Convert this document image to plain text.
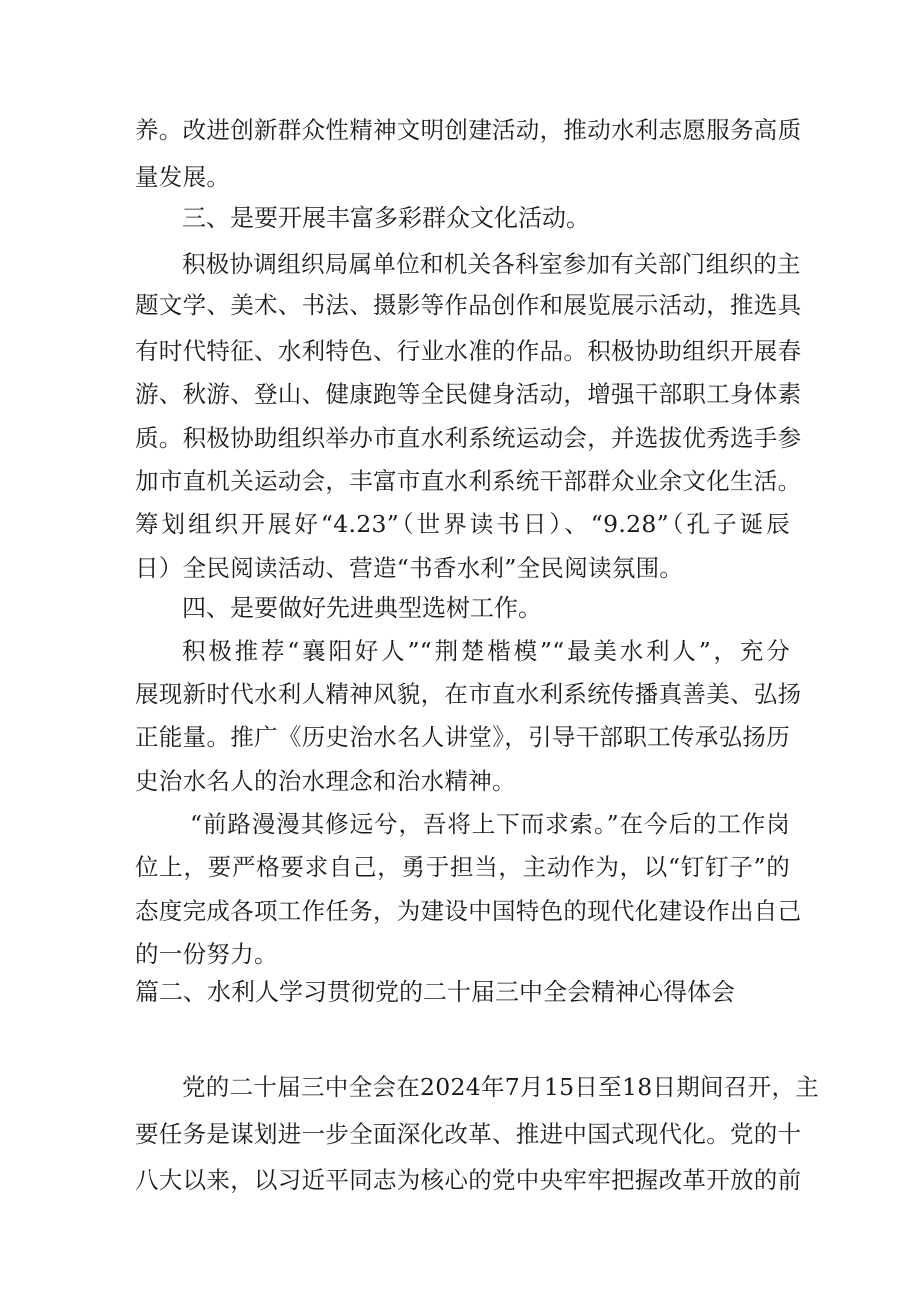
养。改进创新群众性精神文明创建活动，推动水利志愿服务高质
量发展。
三、是要开展丰富多彩群众文化活动。
积极协调组织局属单位和机关各科室参加有关部门组织的主
题文学、美术、书法、摄影等作品创作和展览展示活动，推选具
有时代特征、水利特色、行业水准的作品。积极协助组织开展春
游、秋游、登山、健康跑等全民健身活动，增强干部职工身体素
质。积极协助组织举办市直水利系统运动会，并选拔优秀选手参
加市直机关运动会，丰富市直水利系统干部群众业余文化生活。
筹划组织开展好“4.23”（世界读书日）、“9.28”（孔子诞辰
日）全民阅读活动、营造“书香水利”全民阅读氛围。
四、是要做好先进典型选树工作。
积极推荐“襄阳好人”“荆楚楷模”“最美水利人”，充分
展现新时代水利人精神风貌，在市直水利系统传播真善美、弘扬
正能量。推广《历史治水名人讲堂》，引导干部职工传承弘扬历
史治水名人的治水理念和治水精神。
“前路漫漫其修远兮，吾将上下而求索。”在今后的工作岗
位上，要严格要求自己，勇于担当，主动作为，以“钉钉子”的
态度完成各项工作任务，为建设中国特色的现代化建设作出自己
的一份努力。
篇二、水利人学习贯彻党的二十届三中全会精神心得体会
党的二十届三中全会在2024年7月15日至18日期间召开，主
要任务是谋划进一步全面深化改革、推进中国式现代化。党的十
八大以来，以习近平同志为核心的党中央牢牢把握改革开放的前
